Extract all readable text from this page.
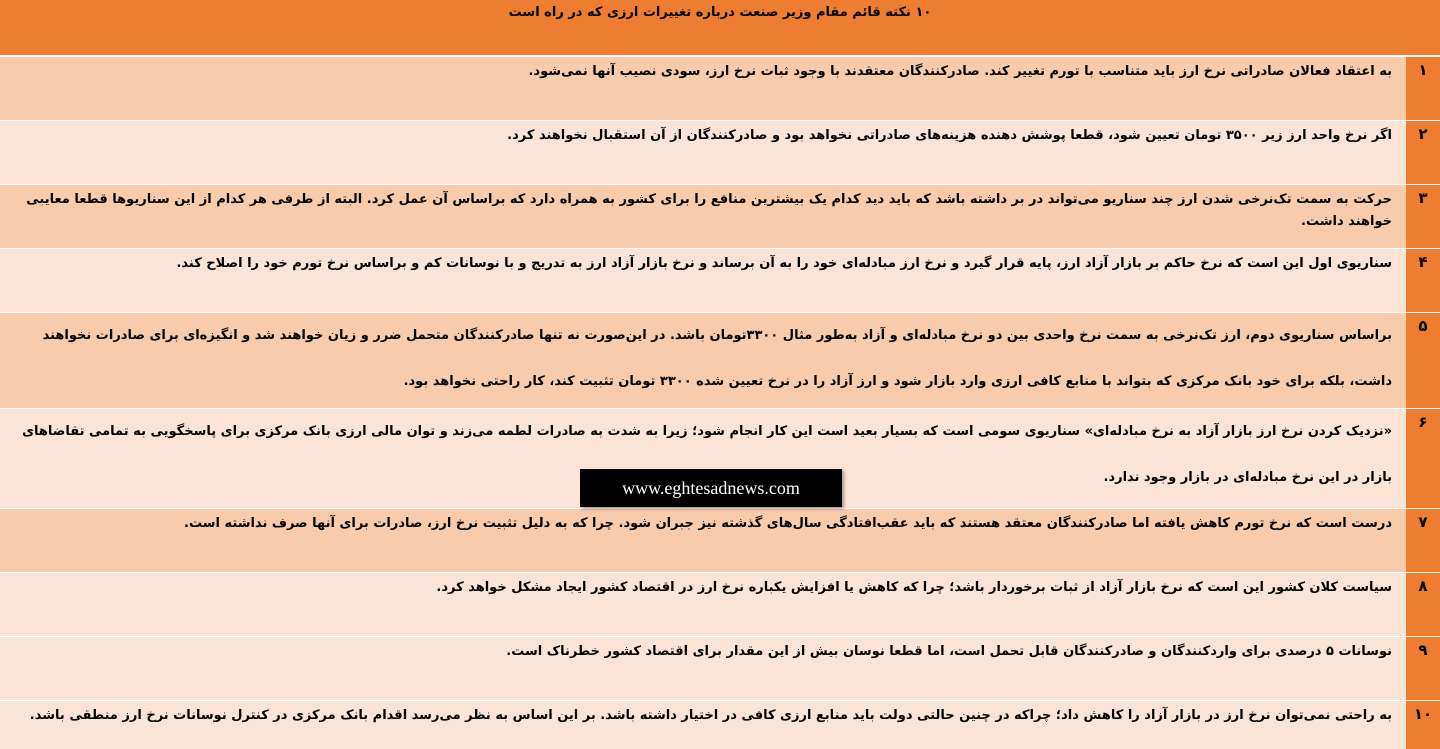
۱۰ نکته قائم مقام وزیر صنعت درباره تغییرات ارزی که در راه است
۱
به اعتقاد فعالان صادراتی نرخ ارز باید متناسب با تورم تغییر کند. صادرکنندگان معتقدند با وجود ثبات نرخ ارز، سودی نصیب آنها نمی‌شود.
۲
اگر نرخ واحد ارز زیر ۳۵۰۰ تومان تعیین شود، قطعا پوشش دهنده هزینه‌های صادراتی نخواهد بود و صادرکنندگان از آن استقبال نخواهند کرد.
۳
حرکت به سمت تک‌نرخی شدن ارز چند سناریو می‌تواند در بر داشته باشد که باید دید کدام یک بیشترین منافع را برای کشور به همراه دارد که براساس آن عمل کرد. البته از طرفی هر کدام از این سناریوها قطعا معایبی خواهند داشت.
۴
سناریوی اول این است که نرخ حاکم بر بازار آزاد ارز، پایه قرار گیرد و نرخ ارز مبادله‌ای خود را به آن برساند و نرخ بازار آزاد ارز به تدریج و با نوسانات کم و براساس نرخ تورم خود را اصلاح کند.
۵
براساس سناریوی دوم، ارز تک‌نرخی به سمت نرخ واحدی بین دو نرخ مبادله‌ای و آزاد به‌طور مثال ۳۳۰۰تومان باشد. در این‌صورت نه تنها صادرکنندگان متحمل ضرر و زیان خواهند شد و انگیزه‌ای برای صادرات نخواهند داشت، بلکه برای خود بانک مرکزی که بتواند با منابع کافی ارزی وارد بازار شود و ارز آزاد را در نرخ تعیین شده ۳۳۰۰ تومان تثبیت کند، کار راحتی نخواهد بود.
۶
«نزدیک کردن نرخ ارز بازار آزاد به نرخ مبادله‌ای» سناریوی سومی است که بسیار بعید است این کار انجام شود؛ زیرا به شدت به صادرات لطمه می‌زند و توان مالی ارزی بانک مرکزی برای پاسخگویی به تمامی تقاضاهای بازار در این نرخ مبادله‌ای در بازار وجود ندارد.
۷
درست است که نرخ تورم کاهش یافته اما صادرکنندگان معتقد هستند که باید عقب‌افتادگی سال‌های گذشته نیز جبران شود. چرا که به دلیل تثبیت نرخ ارز، صادرات برای آنها صرف نداشته است.
۸
سیاست کلان کشور این است که نرخ بازار آزاد از ثبات برخوردار باشد؛ چرا که کاهش یا افزایش یکباره نرخ ارز در اقتصاد کشور ایجاد مشکل خواهد کرد.
۹
نوسانات ۵ درصدی برای واردکنندگان و صادرکنندگان قابل تحمل است، اما قطعا نوسان بیش از این مقدار برای اقتصاد کشور خطرناک است.
۱۰
به راحتی نمی‌توان نرخ ارز در بازار آزاد را کاهش داد؛ چراکه در چنین حالتی دولت باید منابع ارزی کافی در اختیار داشته باشد. بر این اساس به نظر می‌رسد اقدام بانک مرکزی در کنترل نوسانات نرخ ارز منطقی باشد.
www.eghtesadnews.com
